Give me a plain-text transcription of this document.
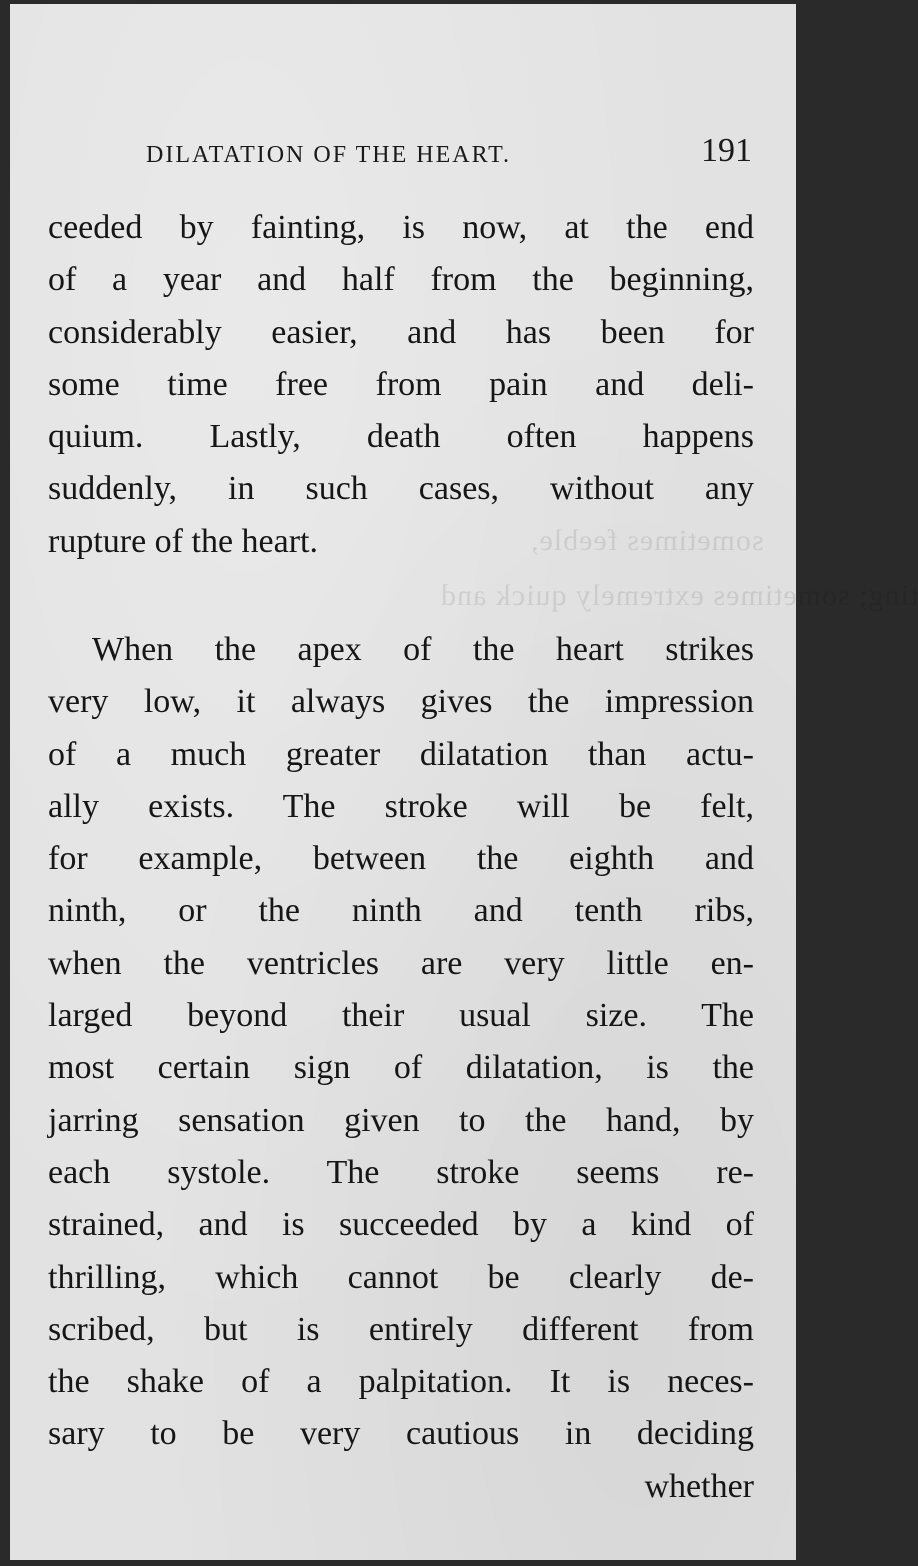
sometimes feeble,
ting; sometimes extremely quick and
DILATATION OF THE HEART.	191
ceeded by fainting, is now, at the end
of a year and half from the beginning,
considerably easier, and has been for
some time free from pain and deli-
quium. Lastly, death often happens
suddenly, in such cases, without any
rupture of the heart.
When the apex of the heart strikes
very low, it always gives the impression
of a much greater dilatation than actu-
ally exists. The stroke will be felt,
for example, between the eighth and
ninth, or the ninth and tenth ribs,
when the ventricles are very little en-
larged beyond their usual size. The
most certain sign of dilatation, is the
jarring sensation given to the hand, by
each systole. The stroke seems re-
strained, and is succeeded by a kind of
thrilling, which cannot be clearly de-
scribed, but is entirely different from
the shake of a palpitation. It is neces-
sary to be very cautious in deciding
whether
